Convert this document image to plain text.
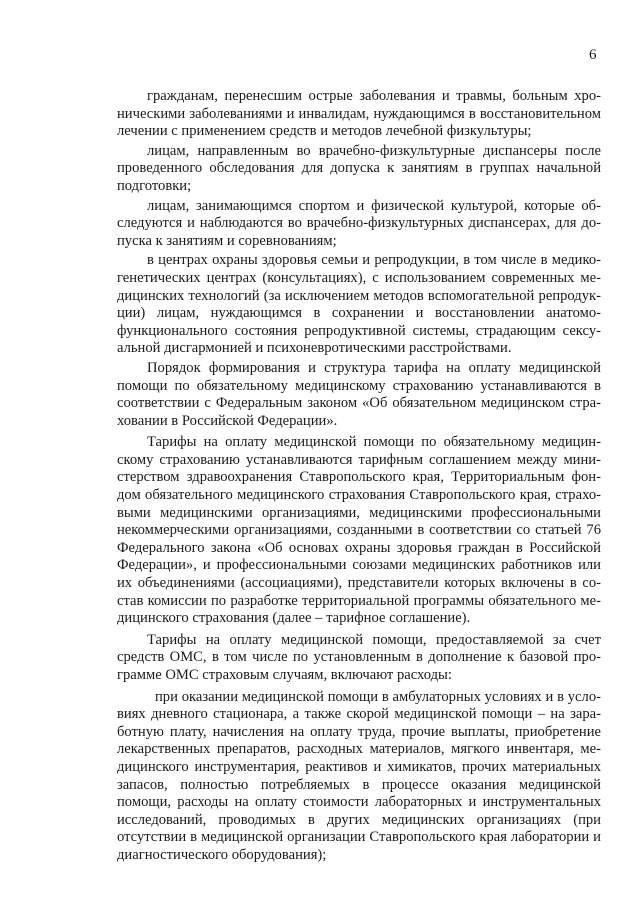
6

гражданам, перенесшим острые заболевания и травмы, больным хроническими заболеваниями и инвалидам, нуждающимся в восстановительном лечении с применением средств и методов лечебной физкультуры;

лицам, направленным во врачебно-физкультурные диспансеры после проведенного обследования для допуска к занятиям в группах начальной подготовки;

лицам, занимающимся спортом и физической культурой, которые обследуются и наблюдаются во врачебно-физкультурных диспансерах, для допуска к занятиям и соревнованиям;

в центрах охраны здоровья семьи и репродукции, в том числе в медико-генетических центрах (консультациях), с использованием современных медицинских технологий (за исключением методов вспомогательной репродукции) лицам, нуждающимся в сохранении и восстановлении анатомо-функционального состояния репродуктивной системы, страдающим сексуальной дисгармонией и психоневротическими расстройствами.

Порядок формирования и структура тарифа на оплату медицинской помощи по обязательному медицинскому страхованию устанавливаются в соответствии с Федеральным законом «Об обязательном медицинском страховании в Российской Федерации».

Тарифы на оплату медицинской помощи по обязательному медицинскому страхованию устанавливаются тарифным соглашением между министерством здравоохранения Ставропольского края, Территориальным фондом обязательного медицинского страхования Ставропольского края, страховыми медицинскими организациями, медицинскими профессиональными некоммерческими организациями, созданными в соответствии со статьей 76 Федерального закона «Об основах охраны здоровья граждан в Российской Федерации», и профессиональными союзами медицинских работников или их объединениями (ассоциациями), представители которых включены в состав комиссии по разработке территориальной программы обязательного медицинского страхования (далее – тарифное соглашение).

Тарифы на оплату медицинской помощи, предоставляемой за счет средств ОМС, в том числе по установленным в дополнение к базовой программе ОМС страховым случаям, включают расходы:

при оказании медицинской помощи в амбулаторных условиях и в условиях дневного стационара, а также скорой медицинской помощи – на заработную плату, начисления на оплату труда, прочие выплаты, приобретение лекарственных препаратов, расходных материалов, мягкого инвентаря, медицинского инструментария, реактивов и химикатов, прочих материальных запасов, полностью потребляемых в процессе оказания медицинской помощи, расходы на оплату стоимости лабораторных и инструментальных исследований, проводимых в других медицинских организациях (при отсутствии в медицинской организации Ставропольского края лаборатории и диагностического оборудования);
